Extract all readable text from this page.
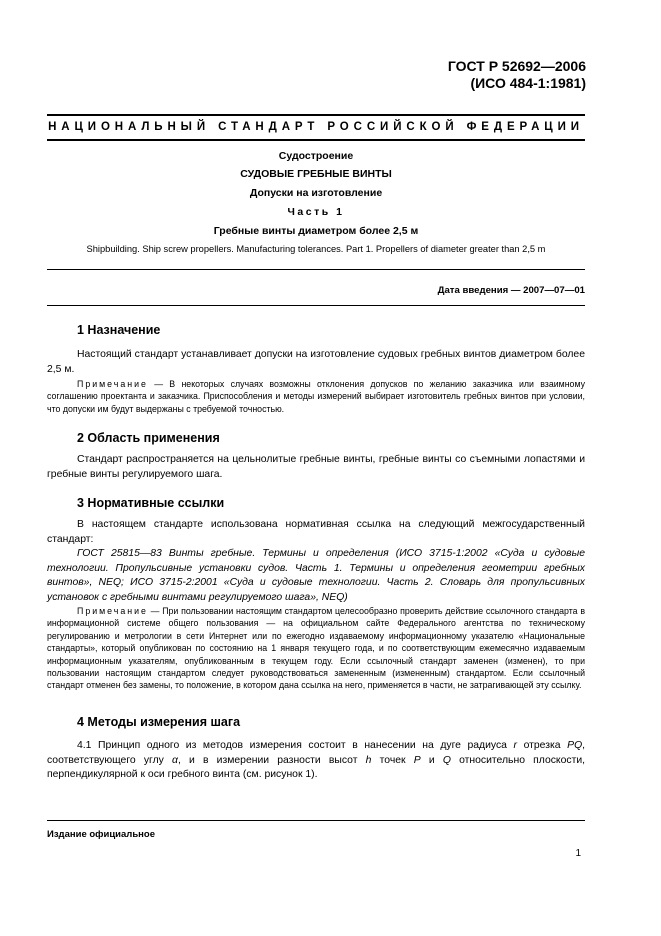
ГОСТ Р 52692—2006
(ИСО 484-1:1981)
НАЦИОНАЛЬНЫЙ СТАНДАРТ РОССИЙСКОЙ ФЕДЕРАЦИИ
Судостроение
СУДОВЫЕ ГРЕБНЫЕ ВИНТЫ
Допуски на изготовление
Часть 1
Гребные винты диаметром более 2,5 м
Shipbuilding. Ship screw propellers. Manufacturing tolerances. Part 1. Propellers of diameter greater than 2,5 m
Дата введения — 2007—07—01
1 Назначение
Настоящий стандарт устанавливает допуски на изготовление судовых гребных винтов диаметром более 2,5 м.
Примечание — В некоторых случаях возможны отклонения допусков по желанию заказчика или взаимному соглашению проектанта и заказчика. Приспособления и методы измерений выбирает изготовитель гребных винтов при условии, что допуски им будут выдержаны с требуемой точностью.
2 Область применения
Стандарт распространяется на цельнолитые гребные винты, гребные винты со съемными лопастями и гребные винты регулируемого шага.
3 Нормативные ссылки
В настоящем стандарте использована нормативная ссылка на следующий межгосударственный стандарт:
ГОСТ 25815—83 Винты гребные. Термины и определения (ИСО 3715-1:2002 «Суда и судовые технологии. Пропульсивные установки судов. Часть 1. Термины и определения геометрии гребных винтов», NEQ; ИСО 3715-2:2001 «Суда и судовые технологии. Часть 2. Словарь для пропульсивных установок с гребными винтами регулируемого шага», NEQ)
Примечание — При пользовании настоящим стандартом целесообразно проверить действие ссылочного стандарта в информационной системе общего пользования — на официальном сайте Федерального агентства по техническому регулированию и метрологии в сети Интернет или по ежегодно издаваемому информационному указателю «Национальные стандарты», который опубликован по состоянию на 1 января текущего года, и по соответствующим ежемесячно издаваемым информационным указателям, опубликованным в текущем году. Если ссылочный стандарт заменен (изменен), то при пользовании настоящим стандартом следует руководствоваться замененным (измененным) стандартом. Если ссылочный стандарт отменен без замены, то положение, в котором дана ссылка на него, применяется в части, не затрагивающей эту ссылку.
4 Методы измерения шага
4.1 Принцип одного из методов измерения состоит в нанесении на дуге радиуса r отрезка PQ, соответствующего углу α, и в измерении разности высот h точек P и Q относительно плоскости, перпендикулярной к оси гребного винта (см. рисунок 1).
Издание официальное
1
